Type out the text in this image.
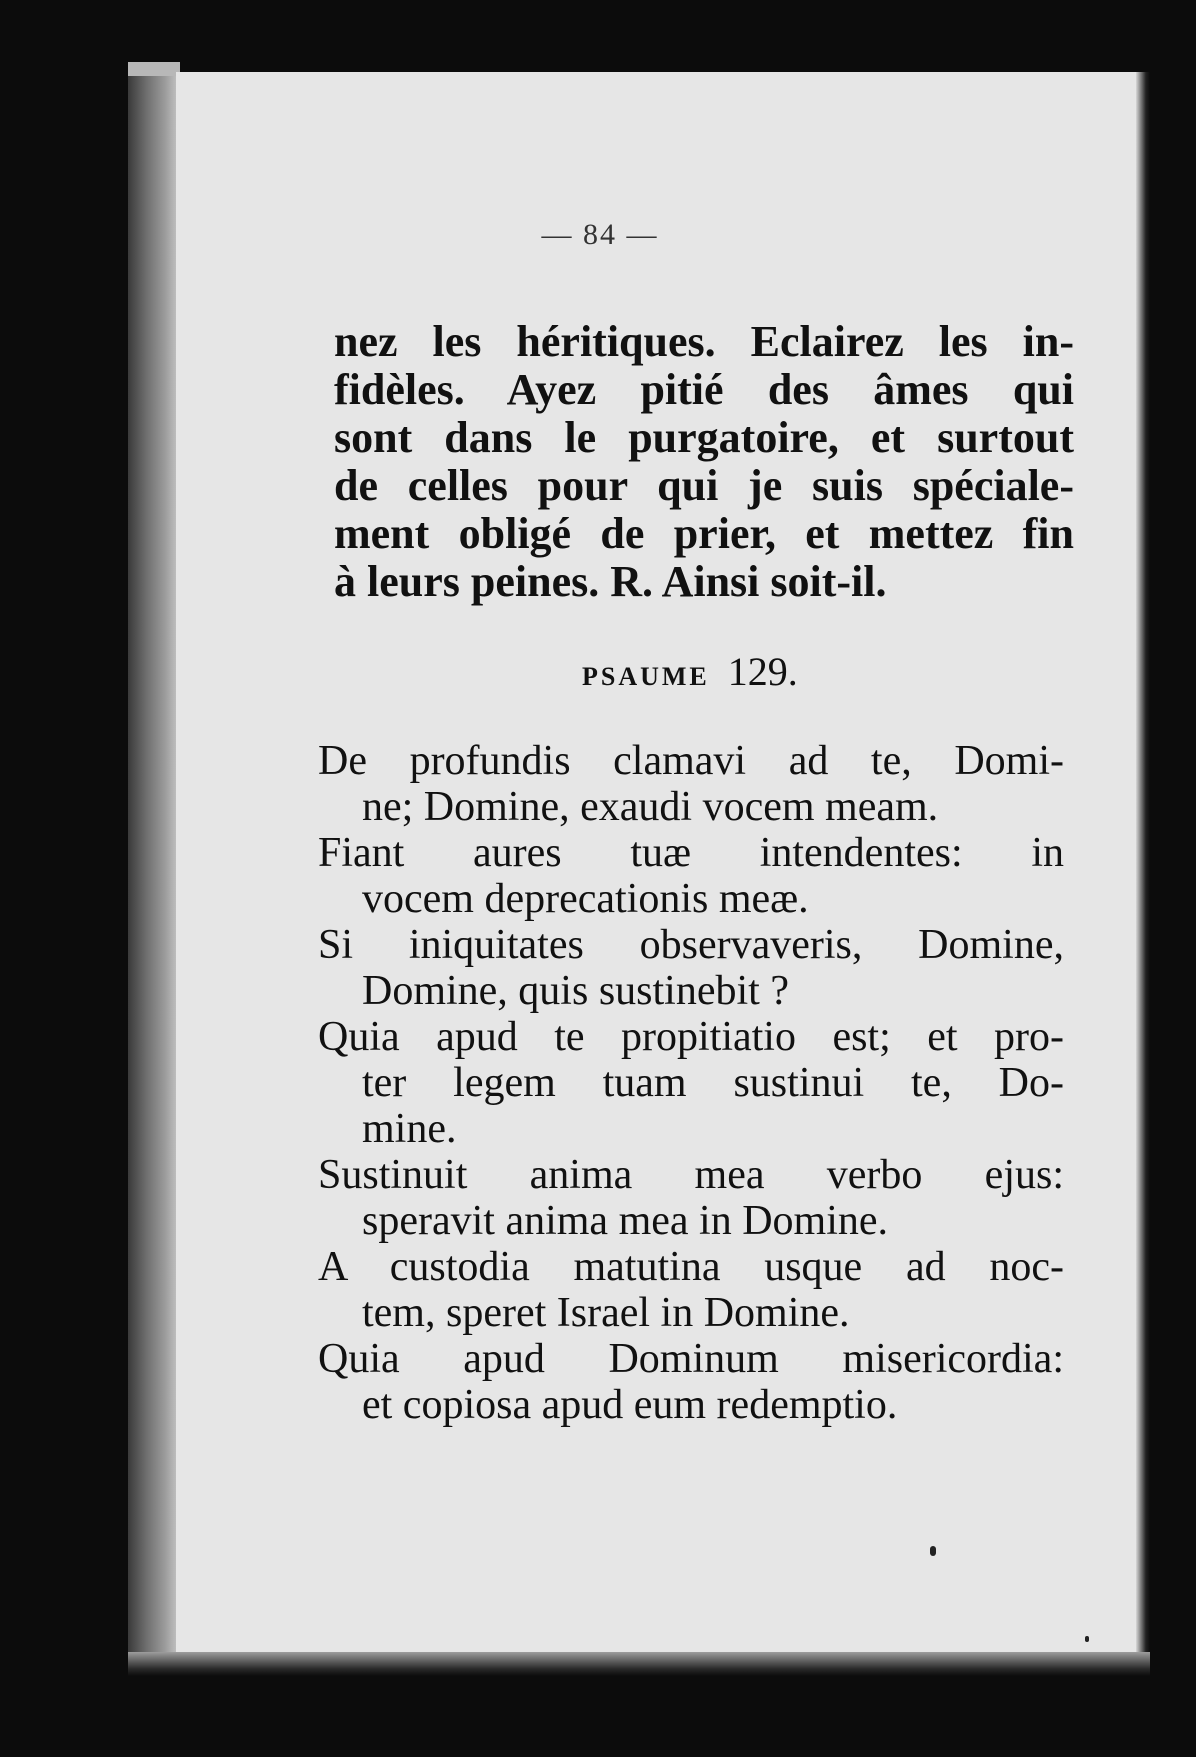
— 84 —
nez les héritiques. Eclairez les in-
fidèles. Ayez pitié des âmes qui
sont dans le purgatoire, et surtout
de celles pour qui je suis spéciale-
ment obligé de prier, et mettez fin
à leurs peines. R. Ainsi soit-il.
PSAUME 129.
De profundis clamavi ad te, Domi-
ne; Domine, exaudi vocem meam.
Fiant aures tuæ intendentes: in
vocem deprecationis meæ.
Si iniquitates observaveris, Domine,
Domine, quis sustinebit ?
Quia apud te propitiatio est; et pro-
ter legem tuam sustinui te, Do-
mine.
Sustinuit anima mea verbo ejus:
speravit anima mea in Domine.
A custodia matutina usque ad noc-
tem, speret Israel in Domine.
Quia apud Dominum misericordia:
et copiosa apud eum redemptio.
